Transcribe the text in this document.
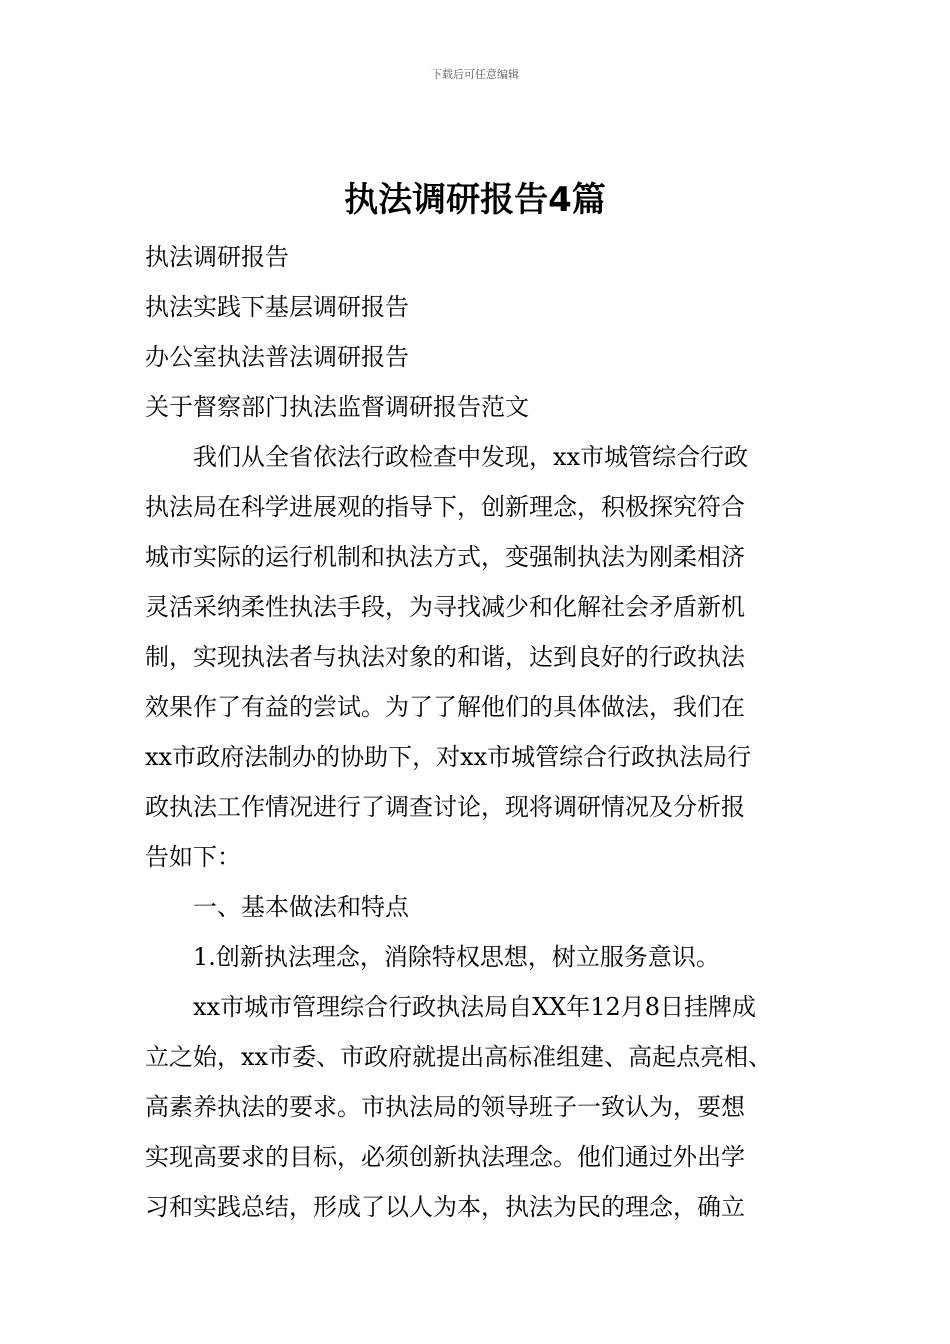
下载后可任意编辑
执法调研报告4篇
执法调研报告
执法实践下基层调研报告
办公室执法普法调研报告
关于督察部门执法监督调研报告范文
　　我们从全省依法行政检查中发现，xx市城管综合行政
执法局在科学进展观的指导下，创新理念，积极探究符合
城市实际的运行机制和执法方式，变强制执法为刚柔相济
灵活采纳柔性执法手段，为寻找减少和化解社会矛盾新机
制，实现执法者与执法对象的和谐，达到良好的行政执法
效果作了有益的尝试。为了了解他们的具体做法，我们在
xx市政府法制办的协助下，对xx市城管综合行政执法局行
政执法工作情况进行了调查讨论，现将调研情况及分析报
告如下：
　　一、基本做法和特点
　　1.创新执法理念，消除特权思想，树立服务意识。
　　xx市城市管理综合行政执法局自XX年12月8日挂牌成
立之始，xx市委、市政府就提出高标准组建、高起点亮相、
高素养执法的要求。市执法局的领导班子一致认为，要想
实现高要求的目标，必须创新执法理念。他们通过外出学
习和实践总结，形成了以人为本，执法为民的理念，确立
